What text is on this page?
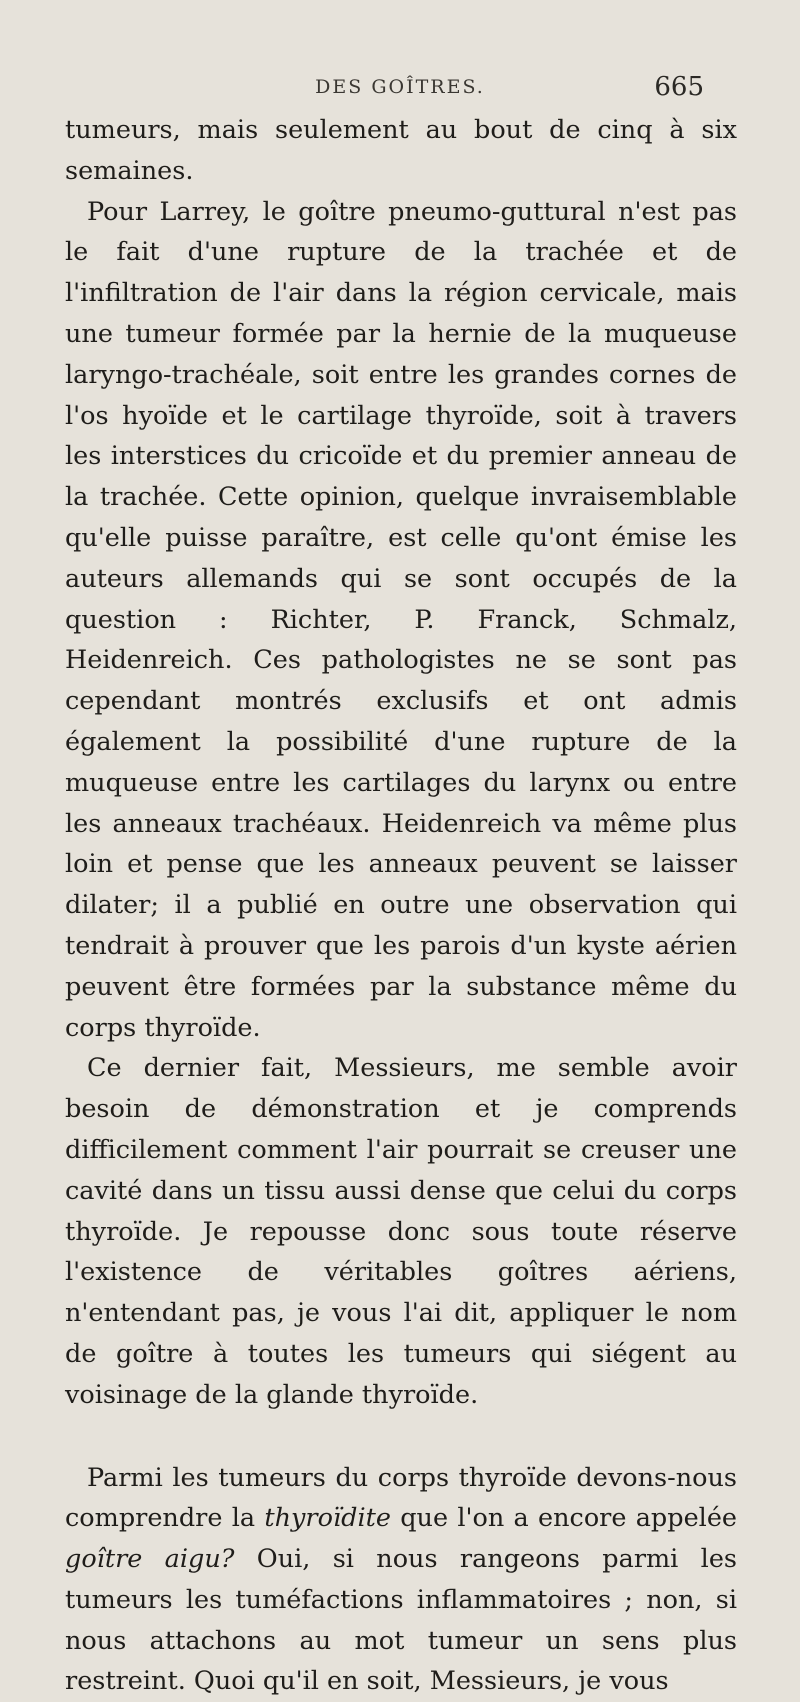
DES GOÎTRES.	665

tumeurs, mais seulement au bout de cinq à six semaines.

Pour Larrey, le goître pneumo-guttural n'est pas le fait d'une rupture de la trachée et de l'infiltration de l'air dans la région cervicale, mais une tumeur formée par la hernie de la muqueuse laryngo-trachéale, soit entre les grandes cornes de l'os hyoïde et le cartilage thyroïde, soit à travers les interstices du cricoïde et du premier anneau de la trachée. Cette opinion, quelque invraisemblable qu'elle puisse paraître, est celle qu'ont émise les auteurs allemands qui se sont occupés de la question : Richter, P. Franck, Schmalz, Heidenreich. Ces pathologistes ne se sont pas cependant montrés exclusifs et ont admis également la possibilité d'une rupture de la muqueuse entre les cartilages du larynx ou entre les anneaux trachéaux. Heidenreich va même plus loin et pense que les anneaux peuvent se laisser dilater; il a publié en outre une observation qui tendrait à prouver que les parois d'un kyste aérien peuvent être formées par la substance même du corps thyroïde.

Ce dernier fait, Messieurs, me semble avoir besoin de démonstration et je comprends difficilement comment l'air pourrait se creuser une cavité dans un tissu aussi dense que celui du corps thyroïde. Je repousse donc sous toute réserve l'existence de véritables goîtres aériens, n'entendant pas, je vous l'ai dit, appliquer le nom de goître à toutes les tumeurs qui siégent au voisinage de la glande thyroïde.

Parmi les tumeurs du corps thyroïde devons-nous comprendre la thyroïdite que l'on a encore appelée goître aigu? Oui, si nous rangeons parmi les tumeurs les tuméfactions inflammatoires ; non, si nous attachons au mot tumeur un sens plus restreint. Quoi qu'il en soit, Messieurs, je vous
